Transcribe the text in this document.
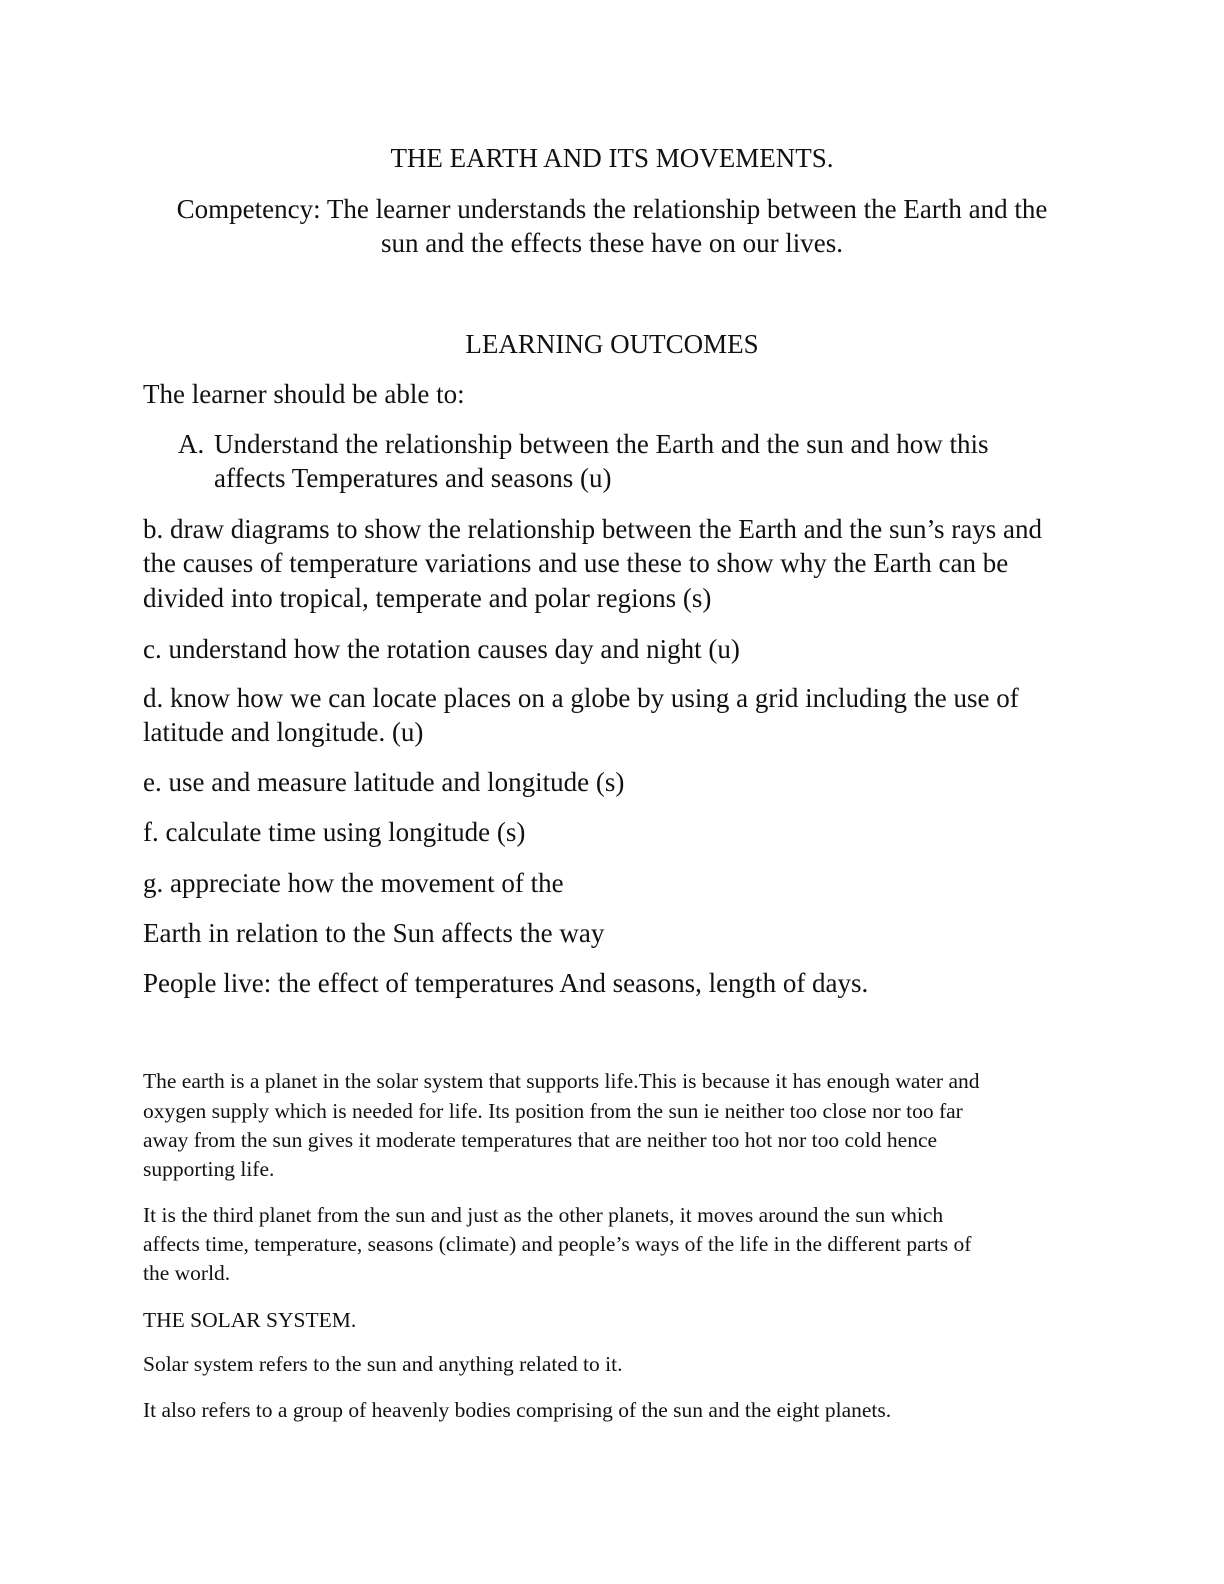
THE EARTH AND ITS MOVEMENTS.
Competency: The learner understands the relationship between the Earth and the
sun and the effects these have on our lives.
LEARNING OUTCOMES
The learner should be able to:
A. Understand the relationship between the Earth and the sun and how this
affects Temperatures and seasons (u)
b. draw diagrams to show the relationship between the Earth and the sun’s rays and
the causes of temperature variations and use these to show why the Earth can be
divided into tropical, temperate and polar regions (s)
c. understand how the rotation causes day and night (u)
d. know how we can locate places on a globe by using a grid including the use of
latitude and longitude. (u)
e. use and measure latitude and longitude (s)
f. calculate time using longitude (s)
g. appreciate how the movement of the
Earth in relation to the Sun affects the way
People live: the effect of temperatures And seasons, length of days.
The earth is a planet in the solar system that supports life.This is because it has enough water and
oxygen supply which is needed for life. Its position from the sun ie neither too close nor too far
away from the sun gives it moderate temperatures that are neither too hot nor too cold hence
supporting life.
It is the third planet from the sun and just as the other planets, it moves around the sun which
affects time, temperature, seasons (climate) and people’s ways of the life in the different parts of
the world.
THE SOLAR SYSTEM.
Solar system refers to the sun and anything related to it.
It also refers to a group of heavenly bodies comprising of the sun and the eight planets.
